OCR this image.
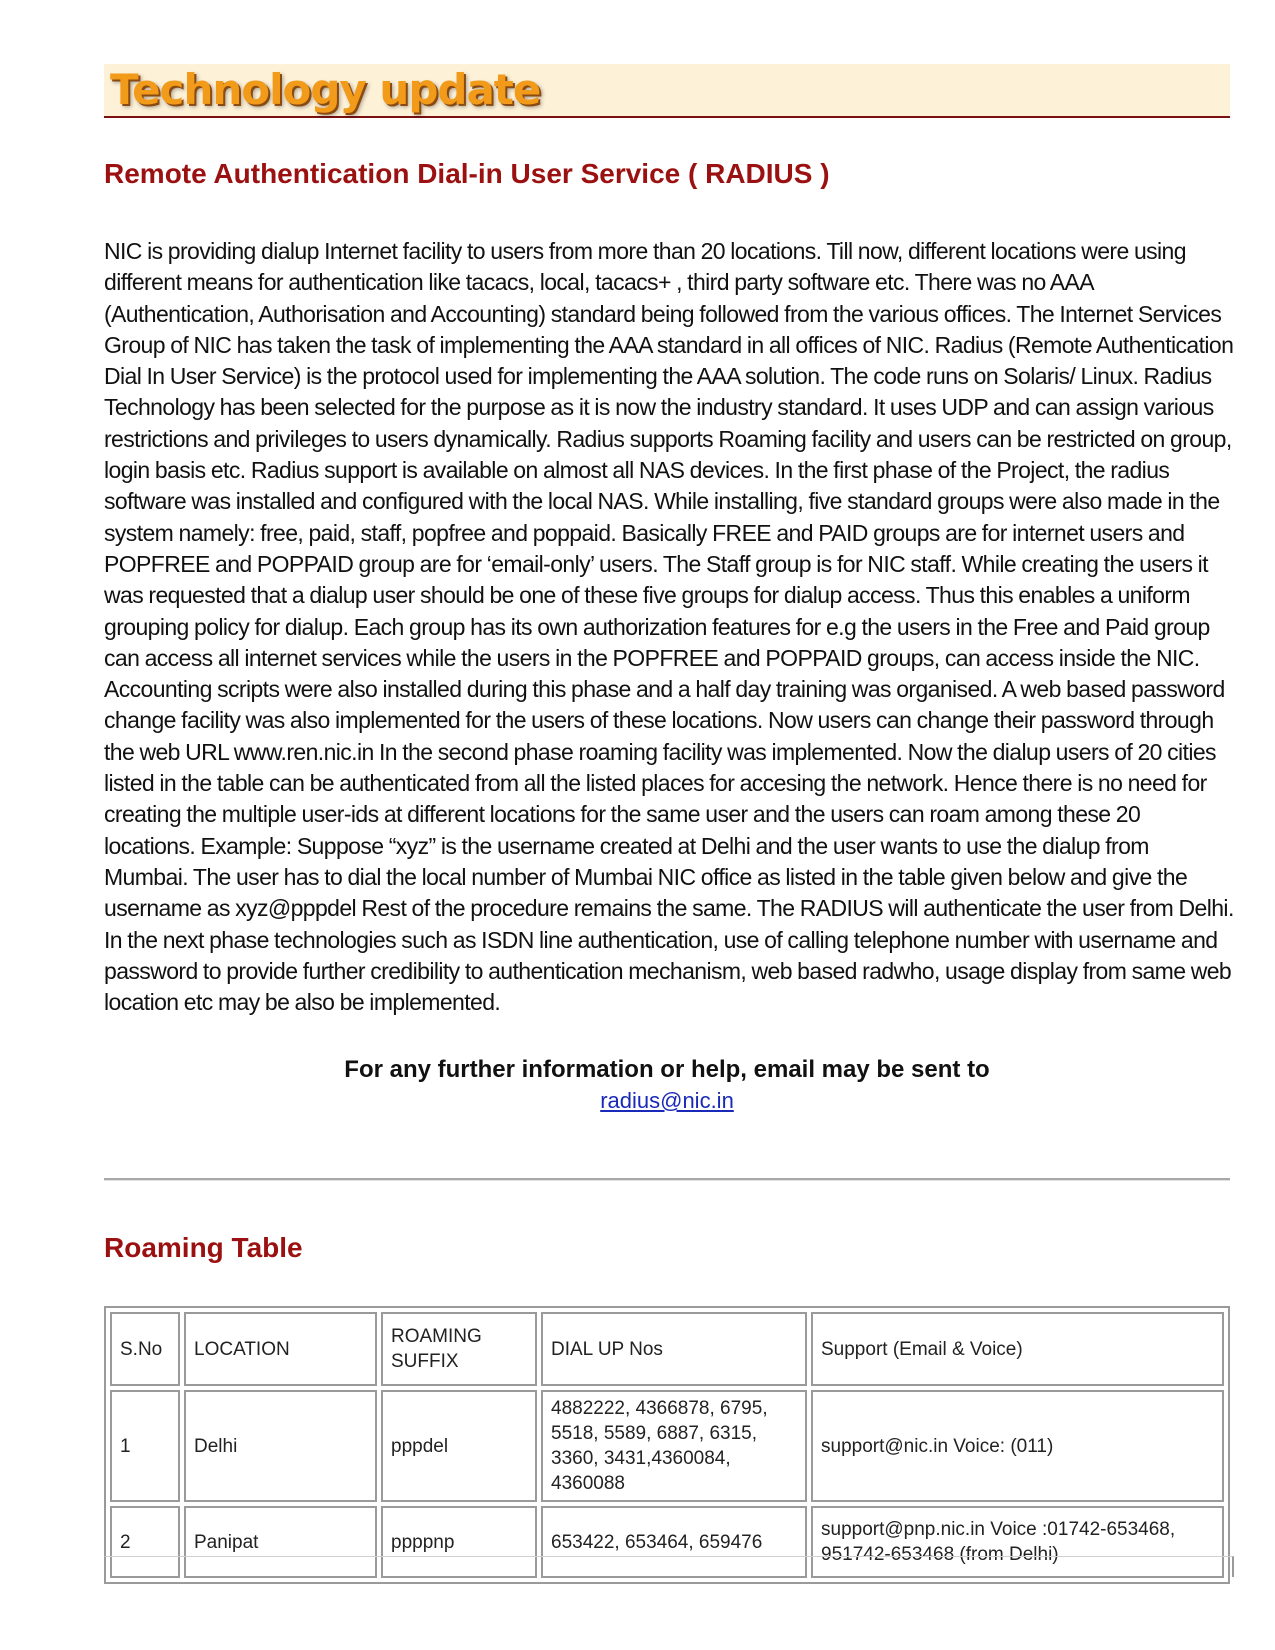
Technology update
Remote Authentication Dial-in User Service ( RADIUS )

NIC is providing dialup Internet facility to users from more than 20 locations. Till now, different locations were using different means for authentication like tacacs, local, tacacs+ , third party software etc. There was no AAA (Authentication, Authorisation and Accounting) standard being followed from the various offices. The Internet Services Group of NIC has taken the task of implementing the AAA standard in all offices of NIC. Radius (Remote Authentication Dial In User Service) is the protocol used for implementing the AAA solution. The code runs on Solaris/ Linux. Radius Technology has been selected for the purpose as it is now the industry standard. It uses UDP and can assign various restrictions and privileges to users dynamically. Radius supports Roaming facility and users can be restricted on group, login basis etc. Radius support is available on almost all NAS devices. In the first phase of the Project, the radius software was installed and configured with the local NAS. While installing, five standard groups were also made in the system namely: free, paid, staff, popfree and poppaid. Basically FREE and PAID groups are for internet users and POPFREE and POPPAID group are for ‘email-only’ users. The Staff group is for NIC staff. While creating the users it was requested that a dialup user should be one of these five groups for dialup access. Thus this enables a uniform grouping policy for dialup. Each group has its own authorization features for e.g the users in the Free and Paid group can access all internet services while the users in the POPFREE and POPPAID groups, can access inside the NIC. Accounting scripts were also installed during this phase and a half day training was organised. A web based password change facility was also implemented for the users of these locations. Now users can change their password through the web URL www.ren.nic.in In the second phase roaming facility was implemented. Now the dialup users of 20 cities listed in the table can be authenticated from all the listed places for accesing the network. Hence there is no need for creating the multiple user-ids at different locations for the same user and the users can roam among these 20 locations. Example: Suppose “xyz” is the username created at Delhi and the user wants to use the dialup from Mumbai. The user has to dial the local number of Mumbai NIC office as listed in the table given below and give the username as xyz@pppdel Rest of the procedure remains the same. The RADIUS will authenticate the user from Delhi. In the next phase technologies such as ISDN line authentication, use of calling telephone number with username and password to provide further credibility to authentication mechanism, web based radwho, usage display from same web location etc may be also be implemented.

For any further information or help, email may be sent to
radius@nic.in
Roaming Table
S.No	LOCATION	ROAMING SUFFIX	DIAL UP Nos	Support (Email & Voice)
1	Delhi	pppdel	4882222, 4366878, 6795, 5518, 5589, 6887, 6315, 3360, 3431,4360084, 4360088	support@nic.in Voice: (011)
2	Panipat	ppppnp	653422, 653464, 659476	support@pnp.nic.in Voice :01742-653468, 951742-653468 (from Delhi)
